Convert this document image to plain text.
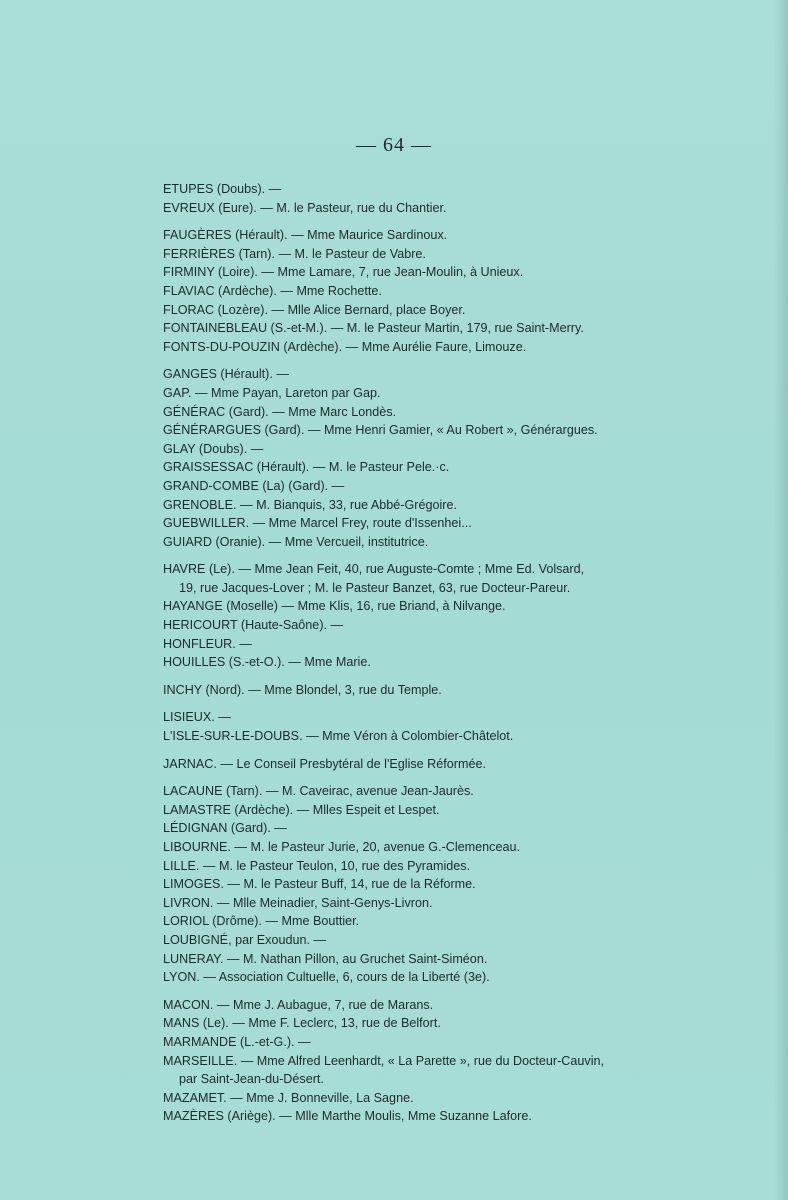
— 64 —
ETUPES (Doubs). —
EVREUX (Eure). — M. le Pasteur, rue du Chantier.
FAUGÈRES (Hérault). — Mme Maurice Sardinoux.
FERRIÈRES (Tarn). — M. le Pasteur de Vabre.
FIRMINY (Loire). — Mme Lamare, 7, rue Jean-Moulin, à Unieux.
FLAVIAC (Ardèche). — Mme Rochette.
FLORAC (Lozère). — Mlle Alice Bernard, place Boyer.
FONTAINEBLEAU (S.-et-M.). — M. le Pasteur Martin, 179, rue Saint-Merry.
FONTS-DU-POUZIN (Ardèche). — Mme Aurélie Faure, Limouze.
GANGES (Hérault). —
GAP. — Mme Payan, Lareton par Gap.
GÉNÉRAC (Gard). — Mme Marc Londès.
GÉNÉRARGUES (Gard). — Mme Henri Gamier, « Au Robert », Générargues.
GLAY (Doubs). —
GRAISSESSAC (Hérault). — M. le Pasteur Pele.·c.
GRAND-COMBE (La) (Gard). —
GRENOBLE. — M. Bianquis, 33, rue Abbé-Grégoire.
GUEBWILLER. — Mme Marcel Frey, route d'Issenhei...
GUIARD (Oranie). — Mme Vercueil, institutrice.
HAVRE (Le). — Mme Jean Feit, 40, rue Auguste-Comte ; Mme Ed. Volsard,
19, rue Jacques-Lover ; M. le Pasteur Banzet, 63, rue Docteur-Pareur.
HAYANGE (Moselle) — Mme Klis, 16, rue Briand, à Nilvange.
HERICOURT (Haute-Saône). —
HONFLEUR. —
HOUILLES (S.-et-O.). — Mme Marie.
INCHY (Nord). — Mme Blondel, 3, rue du Temple.
LISIEUX. —
L'ISLE-SUR-LE-DOUBS. — Mme Véron à Colombier-Châtelot.
JARNAC. — Le Conseil Presbytéral de l'Eglise Réformée.
LACAUNE (Tarn). — M. Caveirac, avenue Jean-Jaurès.
LAMASTRE (Ardèche). — Mlles Espeit et Lespet.
LÉDIGNAN (Gard). —
LIBOURNE. — M. le Pasteur Jurie, 20, avenue G.-Clemenceau.
LILLE. — M. le Pasteur Teulon, 10, rue des Pyramides.
LIMOGES. — M. le Pasteur Buff, 14, rue de la Réforme.
LIVRON. — Mlle Meinadier, Saint-Genys-Livron.
LORIOL (Drôme). — Mme Bouttier.
LOUBIGNÉ, par Exoudun. —
LUNERAY. — M. Nathan Pillon, au Gruchet Saint-Siméon.
LYON. — Association Cultuelle, 6, cours de la Liberté (3e).
MACON. — Mme J. Aubague, 7, rue de Marans.
MANS (Le). — Mme F. Leclerc, 13, rue de Belfort.
MARMANDE (L.-et-G.). —
MARSEILLE. — Mme Alfred Leenhardt, « La Parette », rue du Docteur-Cauvin,
par Saint-Jean-du-Désert.
MAZAMET. — Mme J. Bonneville, La Sagne.
MAZÈRES (Ariège). — Mlle Marthe Moulis, Mme Suzanne Lafore.
